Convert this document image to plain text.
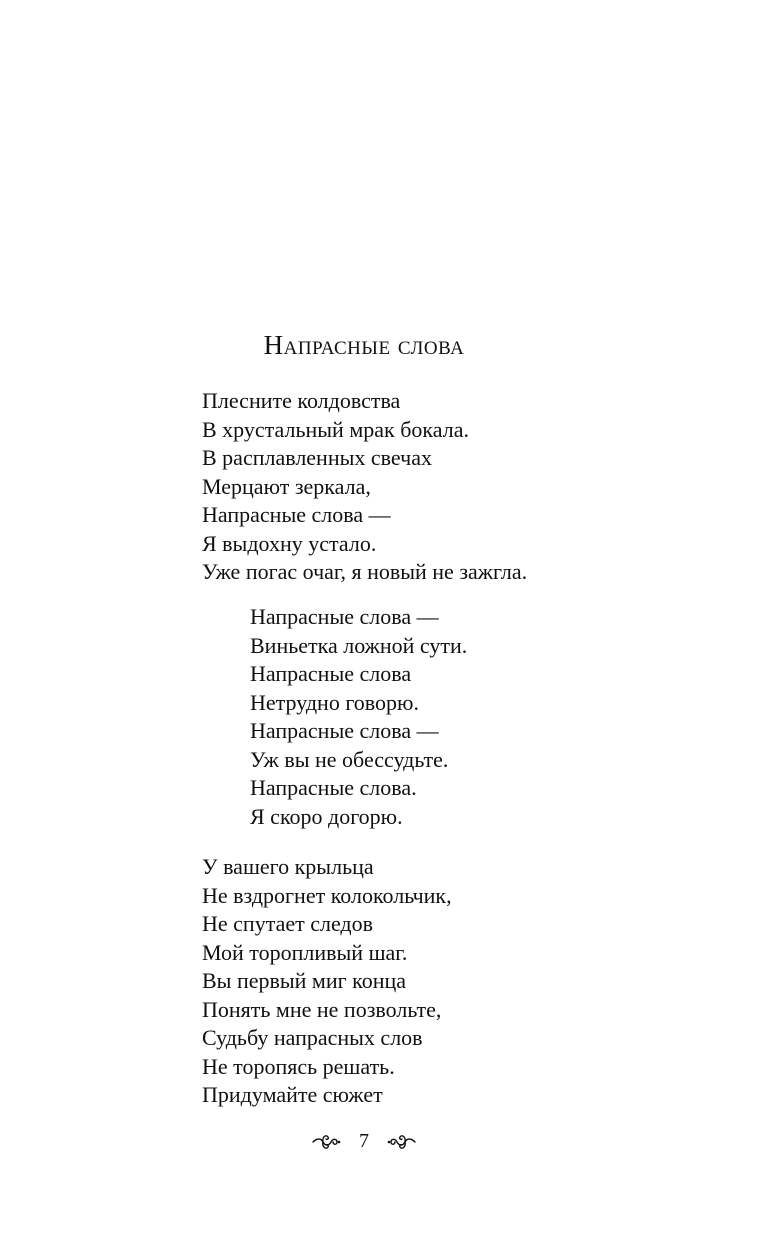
Напрасные слова
Плесните колдовства
В хрустальный мрак бокала.
В расплавленных свечах
Мерцают зеркала,
Напрасные слова —
Я выдохну устало.
Уже погас очаг, я новый не зажгла.
Напрасные слова —
Виньетка ложной сути.
Напрасные слова
Нетрудно говорю.
Напрасные слова —
Уж вы не обессудьте.
Напрасные слова.
Я скоро догорю.
У вашего крыльца
Не вздрогнет колокольчик,
Не спутает следов
Мой торопливый шаг.
Вы первый миг конца
Понять мне не позвольте,
Судьбу напрасных слов
Не торопясь решать.
Придумайте сюжет
7
